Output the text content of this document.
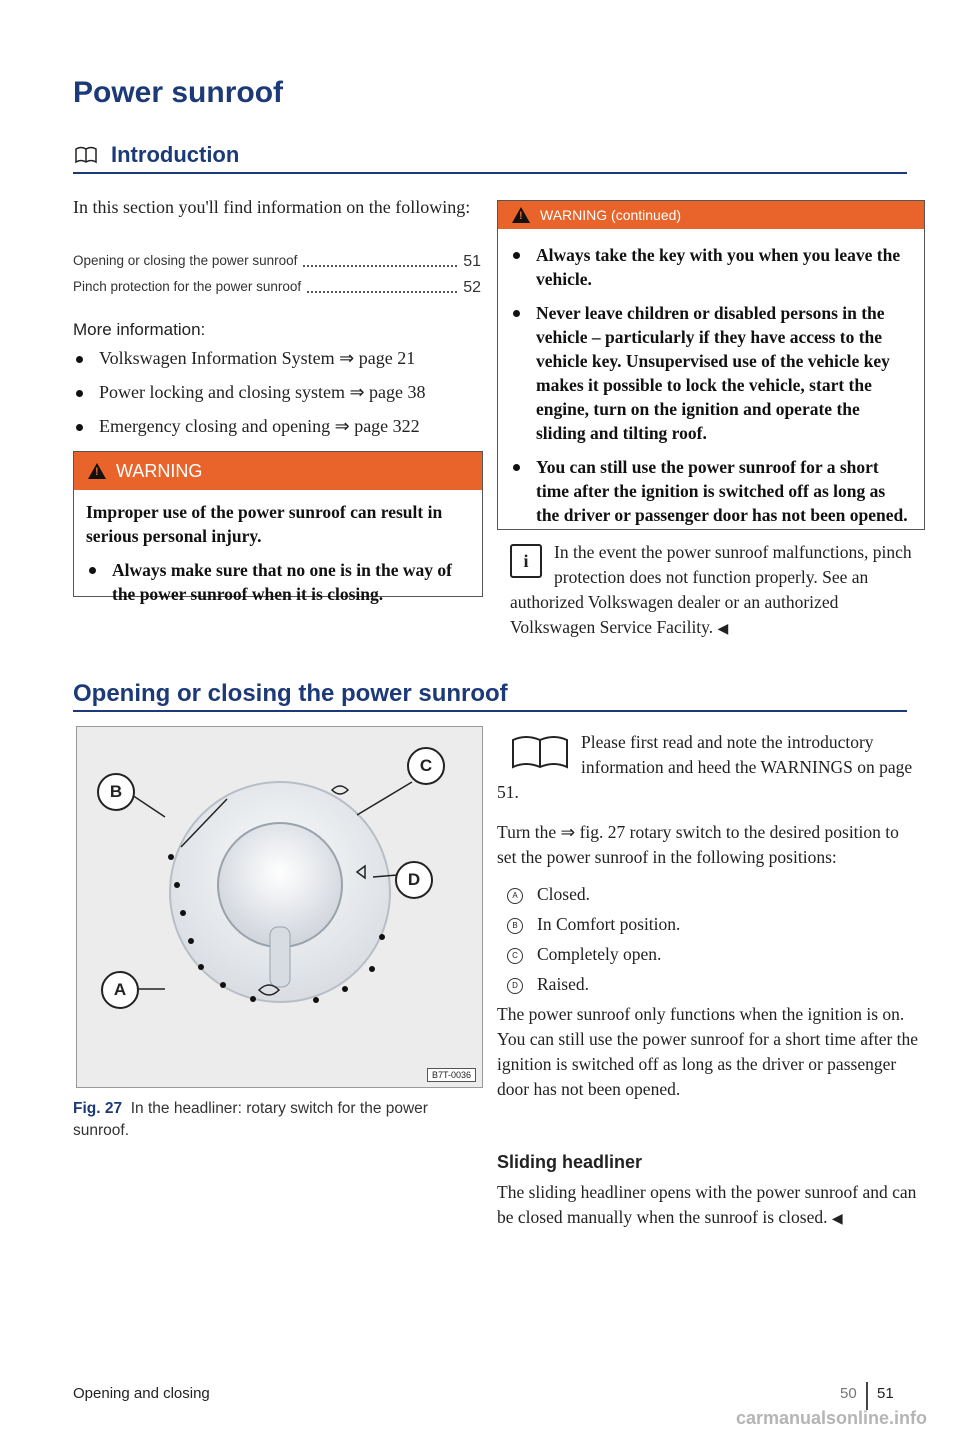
Power sunroof
Introduction

In this section you'll find information on the following:

Opening or closing the power sunroof	51
Pinch protection for the power sunroof	52
More information:
Volkswagen Information System ⇒ page 21
Power locking and closing system ⇒ page 38
Emergency closing and opening ⇒ page 322
!
WARNING

Improper use of the power sunroof can result in serious personal injury.

Always make sure that no one is in the way of the power sunroof when it is closing.
!
WARNING (continued)
Always take the key with you when you leave the vehicle.
Never leave children or disabled persons in the vehicle – particularly if they have access to the vehicle key. Unsupervised use of the vehicle key makes it possible to lock the vehicle, start the engine, turn on the ignition and operate the sliding and tilting roof.
You can still use the power sunroof for a short time after the ignition is switched off as long as the driver or passenger door has not been opened.
i	In the event the power sunroof malfunctions, pinch protection does not function properly. See an authorized Volkswagen dealer or an authorized Volkswagen Service Facility. ◀

Opening or closing the power sunroof
B
C
D
A
B7T-0036
Fig. 27 In the headliner: rotary switch for the power sunroof.

Please first read and note the introductory information and heed the WARNINGS on page 51.

Turn the ⇒ fig. 27 rotary switch to the desired position to set the power sunroof in the following positions:

A Closed.
B In Comfort position.
C Completely open.
D Raised.

The power sunroof only functions when the ignition is on. You can still use the power sunroof for a short time after the ignition is switched off as long as the driver or passenger door has not been opened.

Sliding headliner

The sliding headliner opens with the power sunroof and can be closed manually when the sunroof is closed. ◀

Opening and closing	50 51
carmanualsonline.info
